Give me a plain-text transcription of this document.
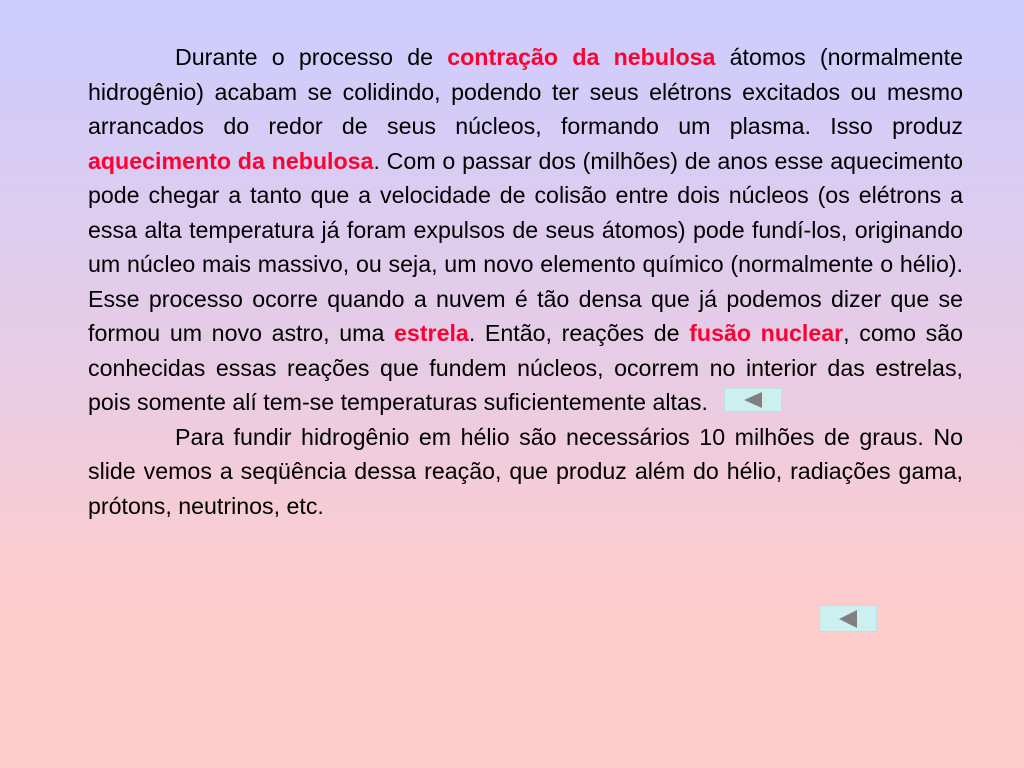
Durante o processo de contração da nebulosa átomos (normalmente hidrogênio) acabam se colidindo, podendo ter seus elétrons excitados ou mesmo arrancados do redor de seus núcleos, formando um plasma. Isso produz aquecimento da nebulosa. Com o passar dos (milhões) de anos esse aquecimento pode chegar a tanto que a velocidade de colisão entre dois núcleos (os elétrons a essa alta temperatura já foram expulsos de seus átomos) pode fundí-los, originando um núcleo mais massivo, ou seja, um novo elemento químico (normalmente o hélio). Esse processo ocorre quando a nuvem é tão densa que já podemos dizer que se formou um novo astro, uma estrela. Então, reações de fusão nuclear, como são conhecidas essas reações que fundem núcleos, ocorrem no interior das estrelas, pois somente alí tem-se temperaturas suficientemente altas.

Para fundir hidrogênio em hélio são necessários 10 milhões de graus. No slide vemos a seqüência dessa reação, que produz além do hélio, radiações gama, prótons, neutrinos, etc.
